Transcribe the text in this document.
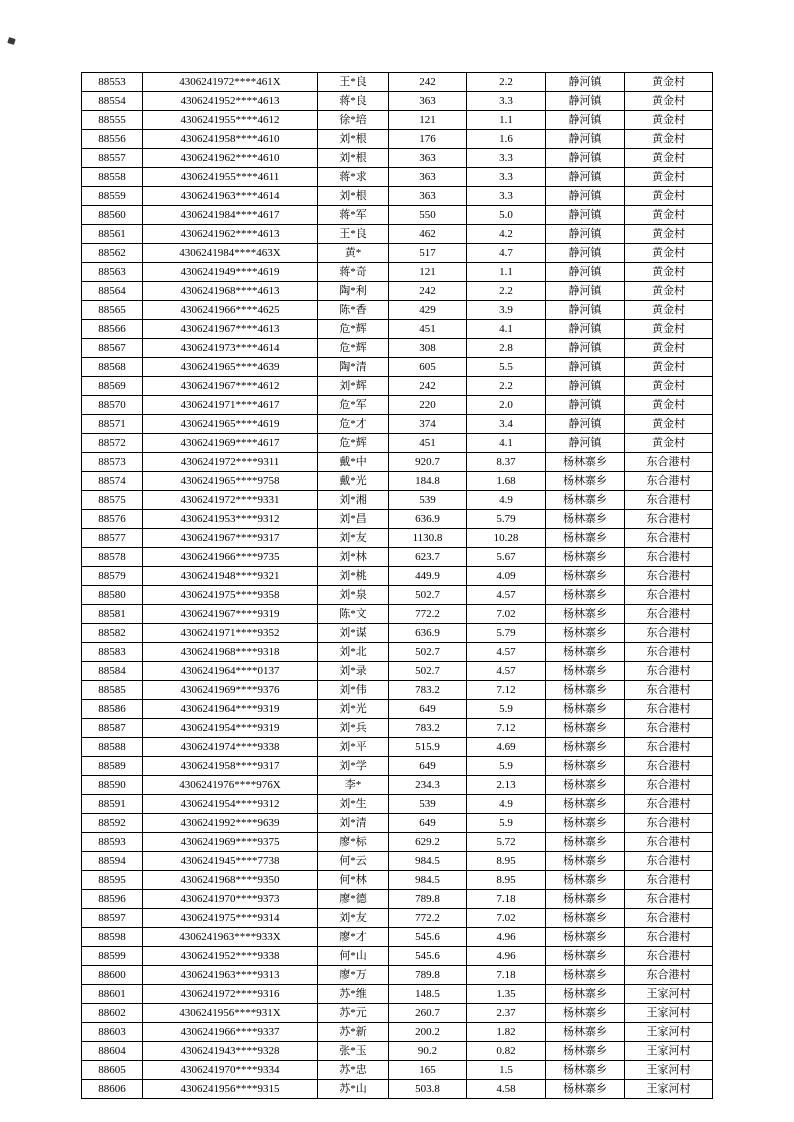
88553	4306241972****461X	王*良	242	2.2	静河镇	黄金村
88554	4306241952****4613	蒋*良	363	3.3	静河镇	黄金村
88555	4306241955****4612	徐*培	121	1.1	静河镇	黄金村
88556	4306241958****4610	刘*根	176	1.6	静河镇	黄金村
88557	4306241962****4610	刘*根	363	3.3	静河镇	黄金村
88558	4306241955****4611	蒋*求	363	3.3	静河镇	黄金村
88559	4306241963****4614	刘*根	363	3.3	静河镇	黄金村
88560	4306241984****4617	蒋*军	550	5.0	静河镇	黄金村
88561	4306241962****4613	王*良	462	4.2	静河镇	黄金村
88562	4306241984****463X	黄*	517	4.7	静河镇	黄金村
88563	4306241949****4619	蒋*奇	121	1.1	静河镇	黄金村
88564	4306241968****4613	陶*利	242	2.2	静河镇	黄金村
88565	4306241966****4625	陈*香	429	3.9	静河镇	黄金村
88566	4306241967****4613	危*辉	451	4.1	静河镇	黄金村
88567	4306241973****4614	危*辉	308	2.8	静河镇	黄金村
88568	4306241965****4639	陶*清	605	5.5	静河镇	黄金村
88569	4306241967****4612	刘*辉	242	2.2	静河镇	黄金村
88570	4306241971****4617	危*军	220	2.0	静河镇	黄金村
88571	4306241965****4619	危*才	374	3.4	静河镇	黄金村
88572	4306241969****4617	危*辉	451	4.1	静河镇	黄金村
88573	4306241972****9311	戴*中	920.7	8.37	杨林寨乡	东合港村
88574	4306241965****9758	戴*光	184.8	1.68	杨林寨乡	东合港村
88575	4306241972****9331	刘*湘	539	4.9	杨林寨乡	东合港村
88576	4306241953****9312	刘*昌	636.9	5.79	杨林寨乡	东合港村
88577	4306241967****9317	刘*友	1130.8	10.28	杨林寨乡	东合港村
88578	4306241966****9735	刘*林	623.7	5.67	杨林寨乡	东合港村
88579	4306241948****9321	刘*桃	449.9	4.09	杨林寨乡	东合港村
88580	4306241975****9358	刘*泉	502.7	4.57	杨林寨乡	东合港村
88581	4306241967****9319	陈*文	772.2	7.02	杨林寨乡	东合港村
88582	4306241971****9352	刘*谋	636.9	5.79	杨林寨乡	东合港村
88583	4306241968****9318	刘*北	502.7	4.57	杨林寨乡	东合港村
88584	4306241964****0137	刘*录	502.7	4.57	杨林寨乡	东合港村
88585	4306241969****9376	刘*伟	783.2	7.12	杨林寨乡	东合港村
88586	4306241964****9319	刘*光	649	5.9	杨林寨乡	东合港村
88587	4306241954****9319	刘*兵	783.2	7.12	杨林寨乡	东合港村
88588	4306241974****9338	刘*平	515.9	4.69	杨林寨乡	东合港村
88589	4306241958****9317	刘*学	649	5.9	杨林寨乡	东合港村
88590	4306241976****976X	李*	234.3	2.13	杨林寨乡	东合港村
88591	4306241954****9312	刘*生	539	4.9	杨林寨乡	东合港村
88592	4306241992****9639	刘*清	649	5.9	杨林寨乡	东合港村
88593	4306241969****9375	廖*标	629.2	5.72	杨林寨乡	东合港村
88594	4306241945****7738	何*云	984.5	8.95	杨林寨乡	东合港村
88595	4306241968****9350	何*林	984.5	8.95	杨林寨乡	东合港村
88596	4306241970****9373	廖*德	789.8	7.18	杨林寨乡	东合港村
88597	4306241975****9314	刘*友	772.2	7.02	杨林寨乡	东合港村
88598	4306241963****933X	廖*才	545.6	4.96	杨林寨乡	东合港村
88599	4306241952****9338	何*山	545.6	4.96	杨林寨乡	东合港村
88600	4306241963****9313	廖*万	789.8	7.18	杨林寨乡	东合港村
88601	4306241972****9316	苏*维	148.5	1.35	杨林寨乡	王家河村
88602	4306241956****931X	苏*元	260.7	2.37	杨林寨乡	王家河村
88603	4306241966****9337	苏*新	200.2	1.82	杨林寨乡	王家河村
88604	4306241943****9328	张*玉	90.2	0.82	杨林寨乡	王家河村
88605	4306241970****9334	苏*忠	165	1.5	杨林寨乡	王家河村
88606	4306241956****9315	苏*山	503.8	4.58	杨林寨乡	王家河村
